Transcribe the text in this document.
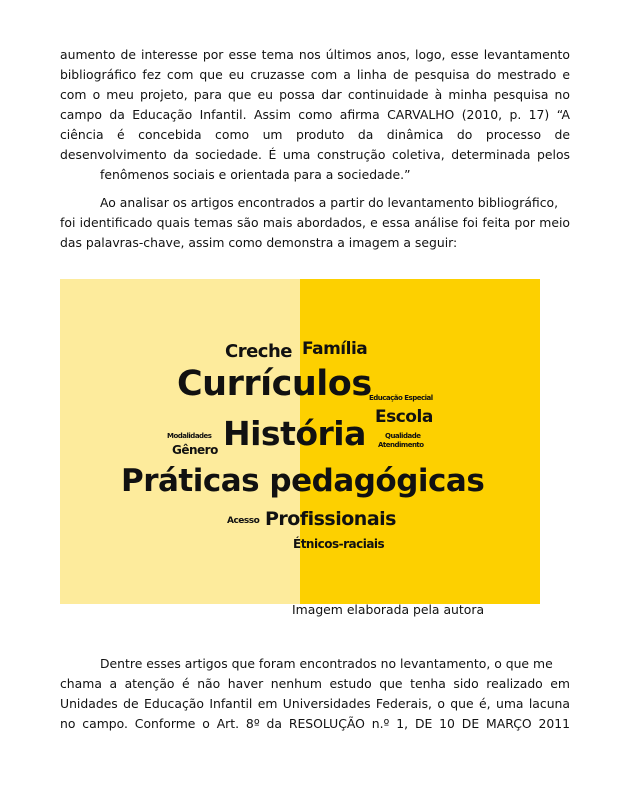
aumento de interesse por esse tema nos últimos anos, logo, esse levantamento
bibliográfico fez com que eu cruzasse com a linha de pesquisa do mestrado e
com o meu projeto, para que eu possa dar continuidade à minha pesquisa no
campo da Educação Infantil. Assim como afirma CARVALHO (2010, p. 17) “A
ciência é concebida como um produto da dinâmica do processo de
desenvolvimento da sociedade. É uma construção coletiva, determinada pelos
fenômenos sociais e orientada para a sociedade.”
Ao analisar os artigos encontrados a partir do levantamento bibliográfico,
foi identificado quais temas são mais abordados, e essa análise foi feita por meio
das palavras-chave, assim como demonstra a imagem a seguir:
Creche Família
Currículos
Educação Especial
Escola
Modalidades
Gênero História	Qualidade
Atendimento
Práticas pedagógicas
Acesso Profissionais
Étnicos-raciais
Imagem elaborada pela autora
Dentre esses artigos que foram encontrados no levantamento, o que me
chama a atenção é não haver nenhum estudo que tenha sido realizado em
Unidades de Educação Infantil em Universidades Federais, o que é, uma lacuna
no campo. Conforme o Art. 8º da RESOLUÇÃO n.º 1, DE 10 DE MARÇO 2011
